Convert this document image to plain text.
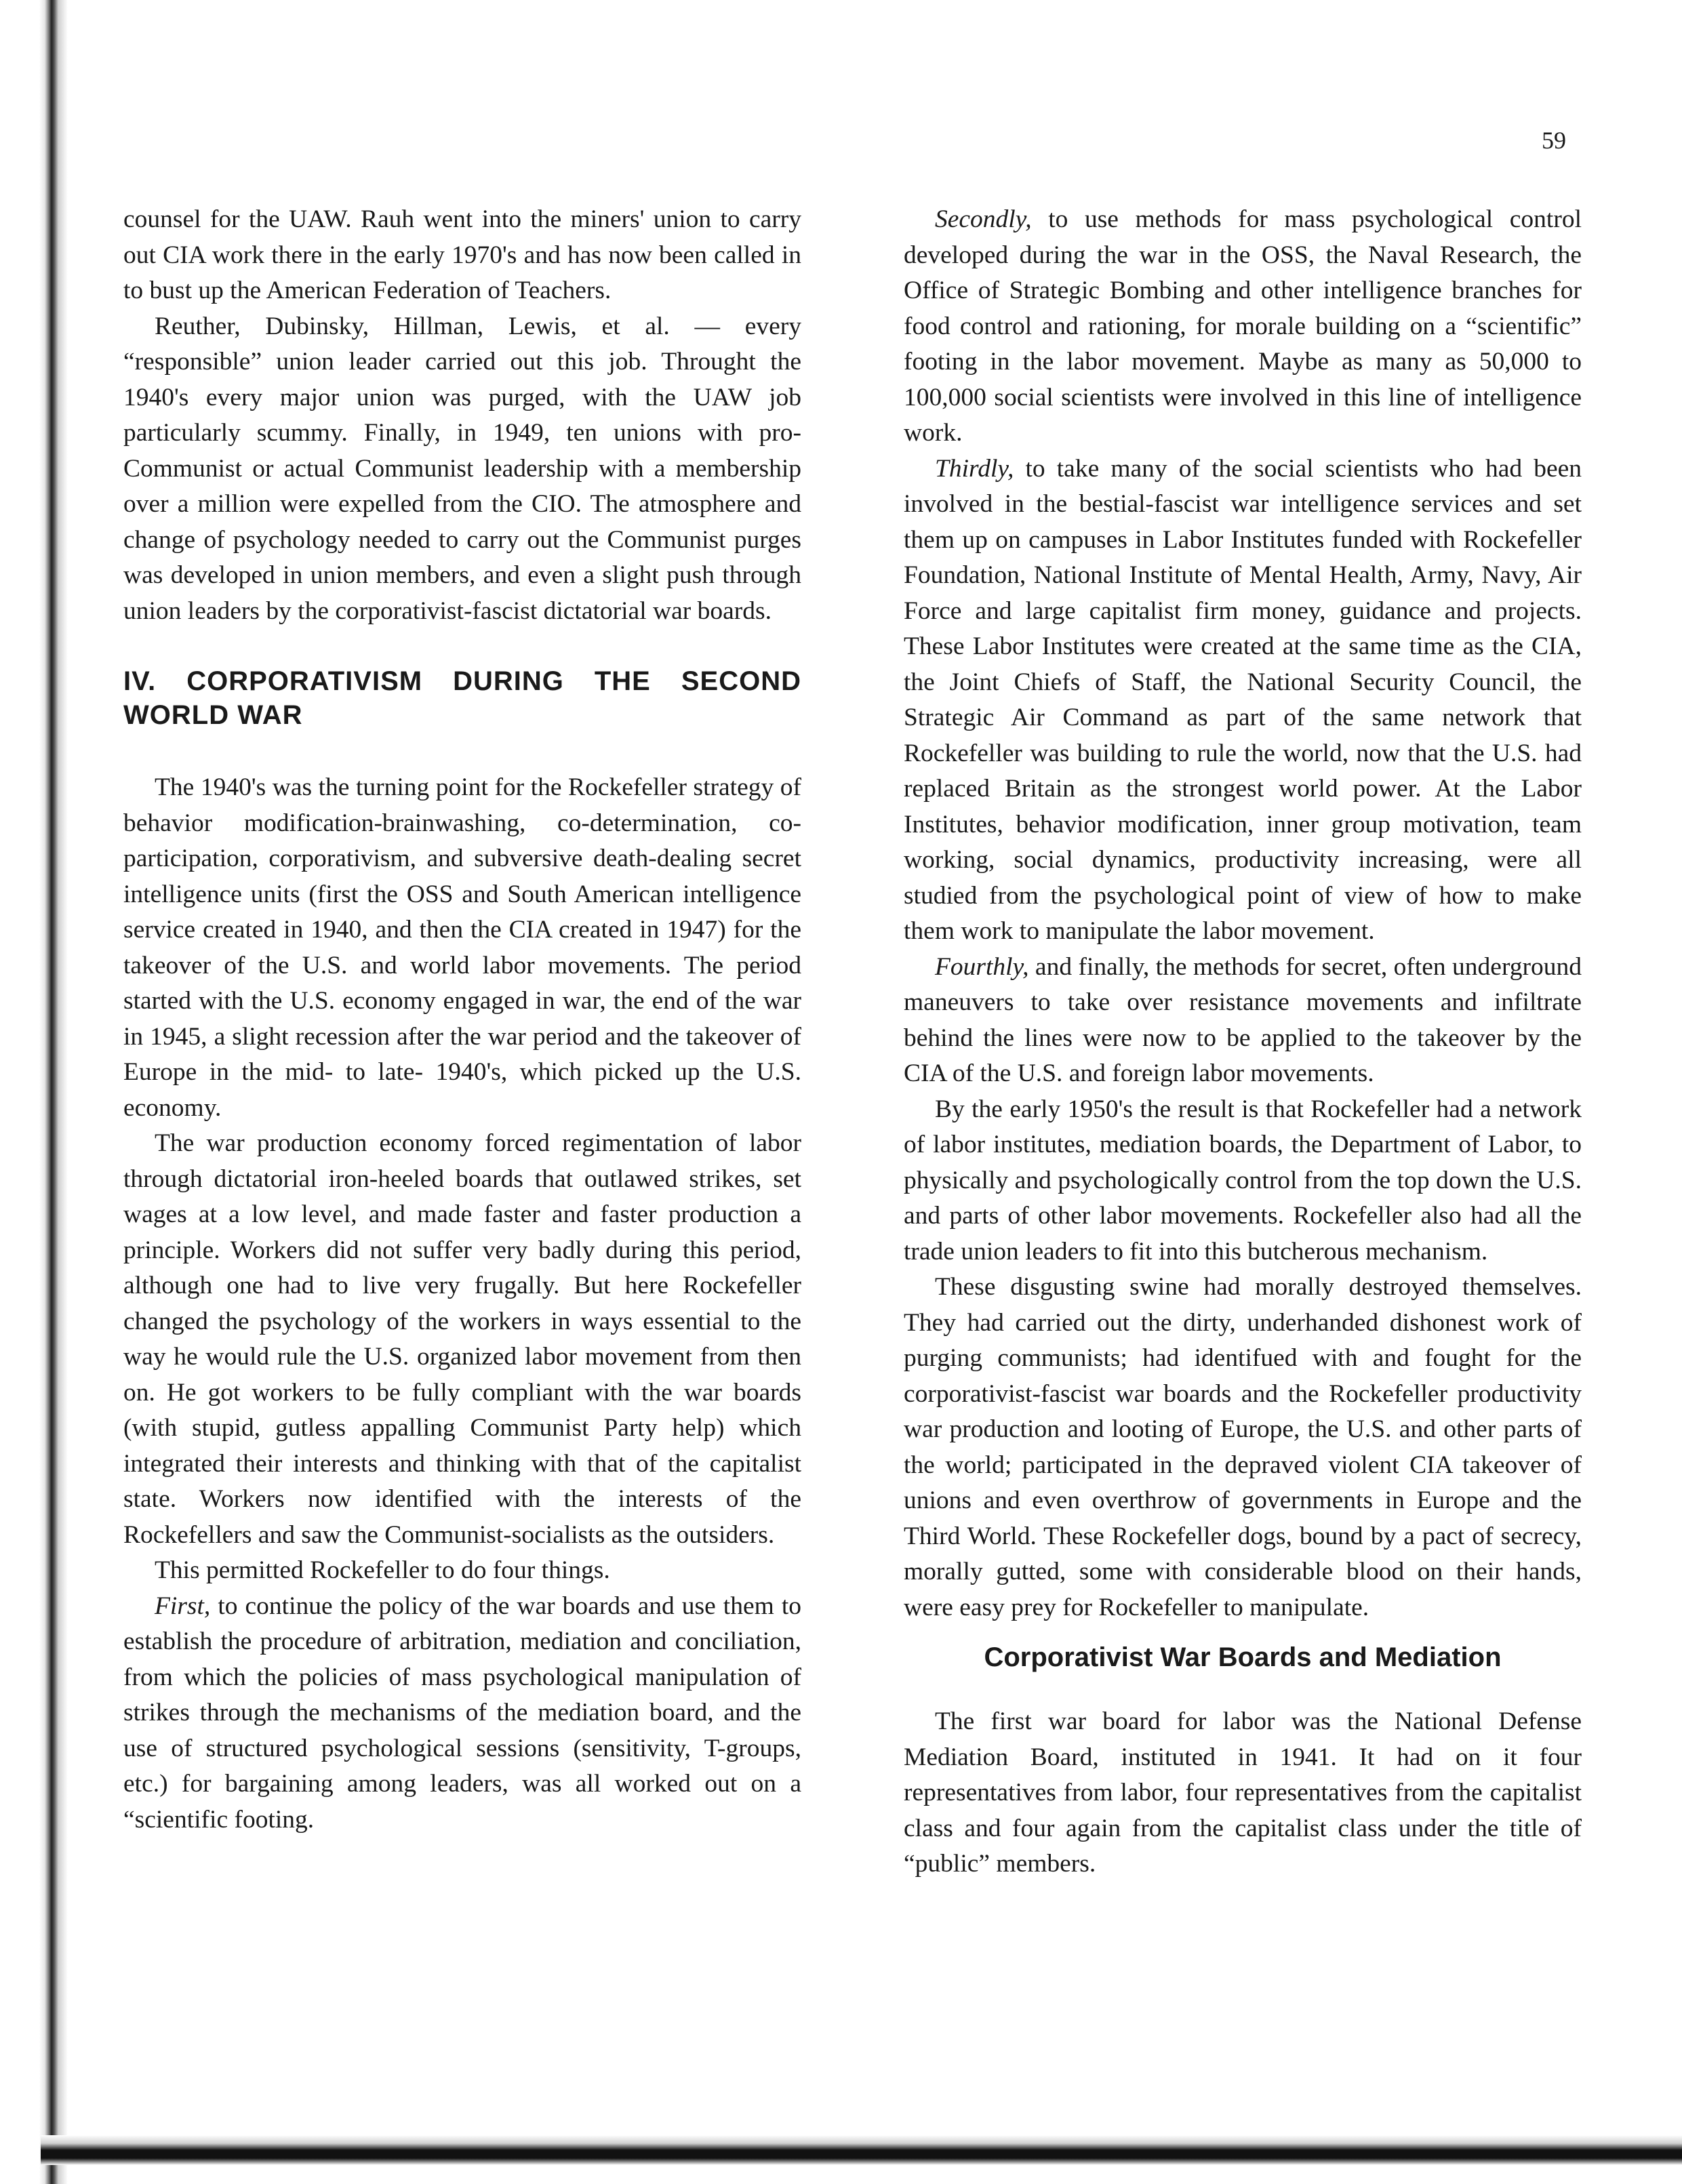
59

counsel for the UAW. Rauh went into the miners' union to carry out CIA work there in the early 1970's and has now been called in to bust up the American Federation of Teachers.

Reuther, Dubinsky, Hillman, Lewis, et al. — every “responsible” union leader carried out this job. Throught the 1940's every major union was purged, with the UAW job particularly scummy. Finally, in 1949, ten unions with pro-Communist or actual Communist leadership with a membership over a million were expelled from the CIO. The atmosphere and change of psychology needed to carry out the Communist purges was developed in union members, and even a slight push through union leaders by the corporativist-fascist dictatorial war boards.

IV. CORPORATIVISM DURING THE SECOND WORLD WAR

The 1940's was the turning point for the Rockefeller strategy of behavior modification-brainwashing, co-determination, co-participation, corporativism, and subversive death-dealing secret intelligence units (first the OSS and South American intelligence service created in 1940, and then the CIA created in 1947) for the takeover of the U.S. and world labor movements. The period started with the U.S. economy engaged in war, the end of the war in 1945, a slight recession after the war period and the takeover of Europe in the mid- to late- 1940's, which picked up the U.S. economy.

The war production economy forced regimentation of labor through dictatorial iron-heeled boards that outlawed strikes, set wages at a low level, and made faster and faster production a principle. Workers did not suffer very badly during this period, although one had to live very frugally. But here Rockefeller changed the psychology of the workers in ways essential to the way he would rule the U.S. organized labor movement from then on. He got workers to be fully compliant with the war boards (with stupid, gutless appalling Communist Party help) which integrated their interests and thinking with that of the capitalist state. Workers now identified with the interests of the Rockefellers and saw the Communist-socialists as the outsiders.

This permitted Rockefeller to do four things.

First, to continue the policy of the war boards and use them to establish the procedure of arbitration, mediation and conciliation, from which the policies of mass psychological manipulation of strikes through the mechanisms of the mediation board, and the use of structured psychological sessions (sensitivity, T-groups, etc.) for bargaining among leaders, was all worked out on a “scientific footing.

Secondly, to use methods for mass psychological control developed during the war in the OSS, the Naval Research, the Office of Strategic Bombing and other intelligence branches for food control and rationing, for morale building on a “scientific” footing in the labor movement. Maybe as many as 50,000 to 100,000 social scientists were involved in this line of intelligence work.

Thirdly, to take many of the social scientists who had been involved in the bestial-fascist war intelligence services and set them up on campuses in Labor Institutes funded with Rockefeller Foundation, National Institute of Mental Health, Army, Navy, Air Force and large capitalist firm money, guidance and projects. These Labor Institutes were created at the same time as the CIA, the Joint Chiefs of Staff, the National Security Council, the Strategic Air Command as part of the same network that Rockefeller was building to rule the world, now that the U.S. had replaced Britain as the strongest world power. At the Labor Institutes, behavior modification, inner group motivation, team working, social dynamics, productivity increasing, were all studied from the psychological point of view of how to make them work to manipulate the labor movement.

Fourthly, and finally, the methods for secret, often underground maneuvers to take over resistance movements and infiltrate behind the lines were now to be applied to the takeover by the CIA of the U.S. and foreign labor movements.

By the early 1950's the result is that Rockefeller had a network of labor institutes, mediation boards, the Department of Labor, to physically and psychologically control from the top down the U.S. and parts of other labor movements. Rockefeller also had all the trade union leaders to fit into this butcherous mechanism.

These disgusting swine had morally destroyed themselves. They had carried out the dirty, underhanded dishonest work of purging communists; had identifued with and fought for the corporativist-fascist war boards and the Rockefeller productivity war production and looting of Europe, the U.S. and other parts of the world; participated in the depraved violent CIA takeover of unions and even overthrow of governments in Europe and the Third World. These Rockefeller dogs, bound by a pact of secrecy, morally gutted, some with considerable blood on their hands, were easy prey for Rockefeller to manipulate.

Corporativist War Boards and Mediation

The first war board for labor was the National Defense Mediation Board, instituted in 1941. It had on it four representatives from labor, four representatives from the capitalist class and four again from the capitalist class under the title of “public” members.
